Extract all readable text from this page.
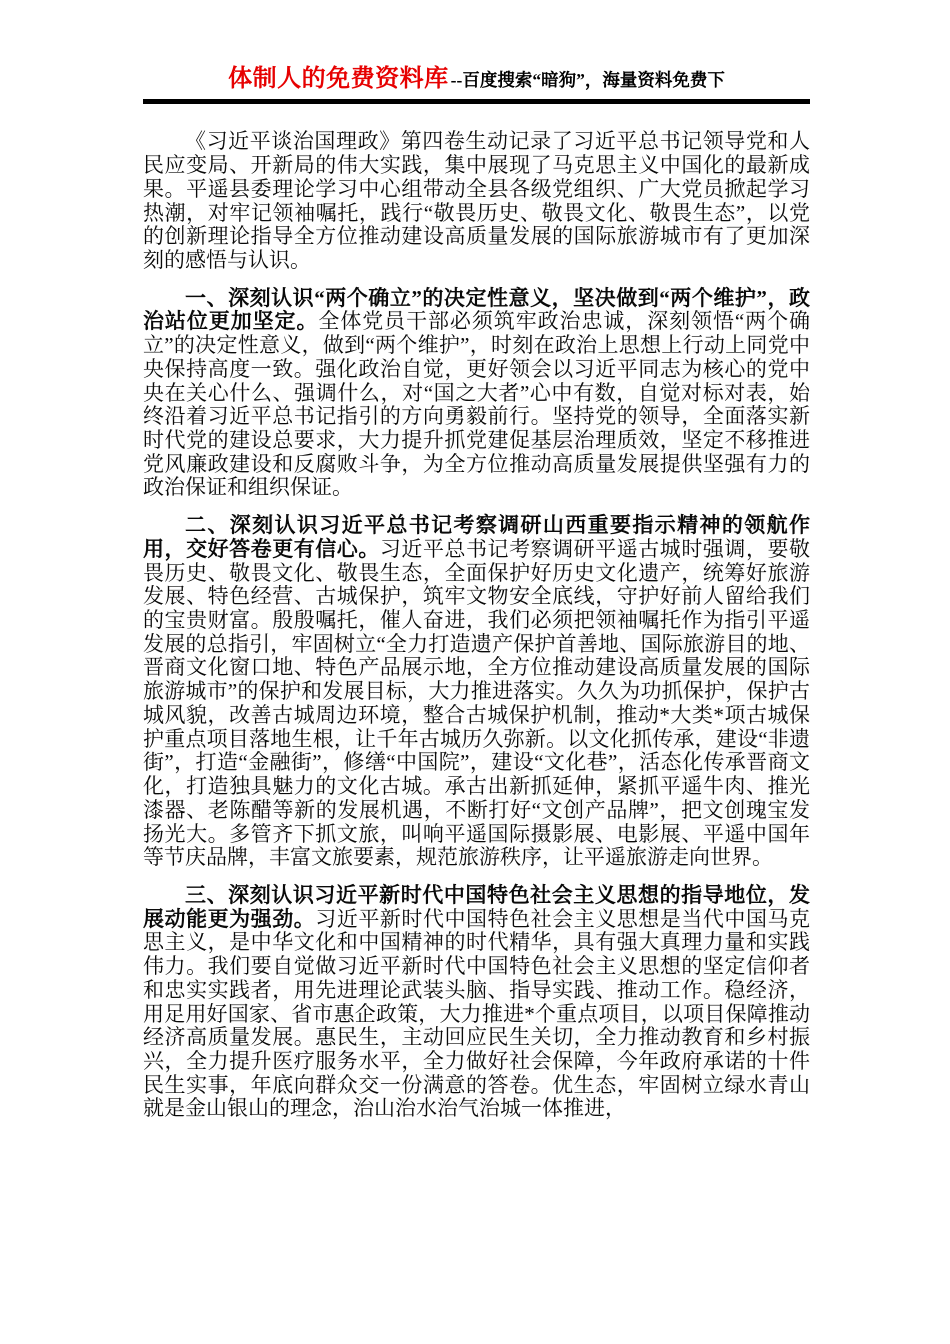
体制人的免费资料库 --百度搜索“暗狗”，海量资料免费下

《习近平谈治国理政》第四卷生动记录了习近平总书记领导党和人民应变局、开新局的伟大实践，集中展现了马克思主义中国化的最新成果。平遥县委理论学习中心组带动全县各级党组织、广大党员掀起学习热潮，对牢记领袖嘱托，践行“敬畏历史、敬畏文化、敬畏生态”，以党的创新理论指导全方位推动建设高质量发展的国际旅游城市有了更加深刻的感悟与认识。

一、深刻认识“两个确立”的决定性意义，坚决做到“两个维护”，政治站位更加坚定。全体党员干部必须筑牢政治忠诚，深刻领悟“两个确立”的决定性意义，做到“两个维护”，时刻在政治上思想上行动上同党中央保持高度一致。强化政治自觉，更好领会以习近平同志为核心的党中央在关心什么、强调什么，对“国之大者”心中有数，自觉对标对表，始终沿着习近平总书记指引的方向勇毅前行。坚持党的领导，全面落实新时代党的建设总要求，大力提升抓党建促基层治理质效，坚定不移推进党风廉政建设和反腐败斗争，为全方位推动高质量发展提供坚强有力的政治保证和组织保证。

二、深刻认识习近平总书记考察调研山西重要指示精神的领航作用，交好答卷更有信心。习近平总书记考察调研平遥古城时强调，要敬畏历史、敬畏文化、敬畏生态，全面保护好历史文化遗产，统筹好旅游发展、特色经营、古城保护，筑牢文物安全底线，守护好前人留给我们的宝贵财富。殷殷嘱托，催人奋进，我们必须把领袖嘱托作为指引平遥发展的总指引，牢固树立“全力打造遗产保护首善地、国际旅游目的地、晋商文化窗口地、特色产品展示地，全方位推动建设高质量发展的国际旅游城市”的保护和发展目标，大力推进落实。久久为功抓保护，保护古城风貌，改善古城周边环境，整合古城保护机制，推动*大类*项古城保护重点项目落地生根，让千年古城历久弥新。以文化抓传承，建设“非遗街”，打造“金融街”，修缮“中国院”，建设“文化巷”，活态化传承晋商文化，打造独具魅力的文化古城。承古出新抓延伸，紧抓平遥牛肉、推光漆器、老陈醋等新的发展机遇，不断打好“文创产品牌”，把文创瑰宝发扬光大。多管齐下抓文旅，叫响平遥国际摄影展、电影展、平遥中国年等节庆品牌，丰富文旅要素，规范旅游秩序，让平遥旅游走向世界。

三、深刻认识习近平新时代中国特色社会主义思想的指导地位，发展动能更为强劲。习近平新时代中国特色社会主义思想是当代中国马克思主义，是中华文化和中国精神的时代精华，具有强大真理力量和实践伟力。我们要自觉做习近平新时代中国特色社会主义思想的坚定信仰者和忠实实践者，用先进理论武装头脑、指导实践、推动工作。稳经济，用足用好国家、省市惠企政策，大力推进*个重点项目，以项目保障推动经济高质量发展。惠民生，主动回应民生关切，全力推动教育和乡村振兴，全力提升医疗服务水平，全力做好社会保障，今年政府承诺的十件民生实事，年底向群众交一份满意的答卷。优生态，牢固树立绿水青山就是金山银山的理念，治山治水治气治城一体推进，
